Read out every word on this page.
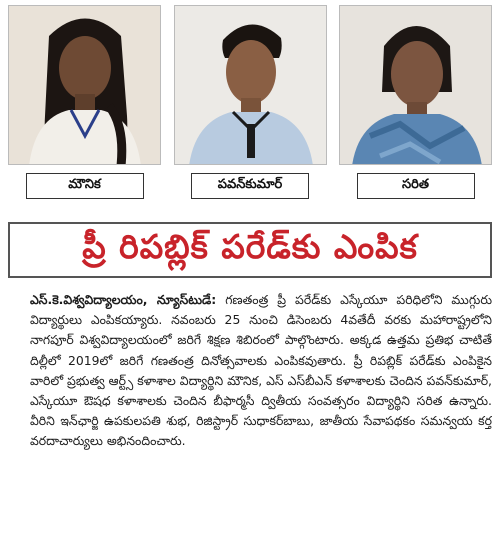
మౌనిక	పవన్‌కుమార్	సరిత
ప్రీ రిపబ్లిక్ పరేడ్‌కు ఎంపిక

ఎస్.కె.విశ్వవిద్యాలయం, న్యూస్‌టుడే: గణతంత్ర ప్రీ పరేడ్‌కు ఎస్కేయూ పరిధిలోని ముగ్గురు విద్యార్థులు ఎంపికయ్యారు. నవంబరు 25 నుంచి డిసెంబరు 4వతేదీ వరకు మహారాష్ట్రలోని నాగపూర్ విశ్వవిద్యాలయంలో జరిగే శిక్షణ శిబిరంలో పాల్గొంటారు. అక్కడ ఉత్తమ ప్రతిభ చాటితే దిల్లీలో 2019లో జరిగే గణతంత్ర దినోత్సవాలకు ఎంపికవుతారు. ప్రీ రిపబ్లిక్ పరేడ్‌కు ఎంపికైన వారిలో ప్రభుత్వ ఆర్ట్స్ కళాశాల విద్యార్థిని మౌనిక, ఎస్ ఎస్‌బీఎన్ కళాశాలకు చెందిన పవన్‌కుమార్, ఎస్కేయూ ఔషధ కళాశాలకు చెందిన బీఫార్మసీ ద్వితీయ సంవత్సరం విద్యార్థిని సరిత ఉన్నారు. వీరిని ఇన్‌ఛార్జి ఉపకులపతి శుభ, రిజిస్ట్రార్ సుధాకర్‌బాబు, జాతీయ సేవాపథకం సమన్వయ కర్త వరదాచార్యులు అభినందించారు.
